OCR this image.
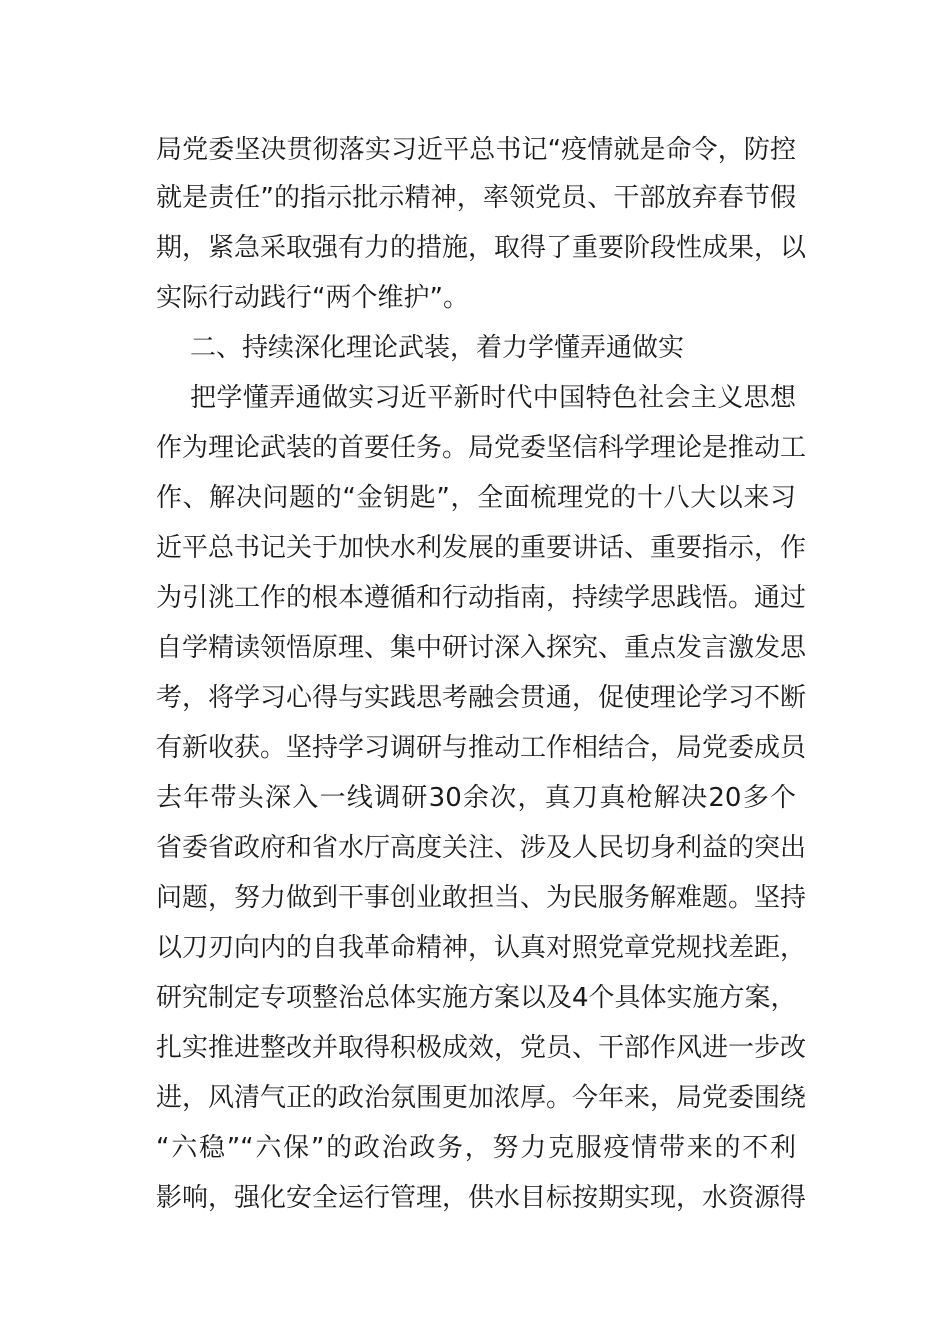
局党委坚决贯彻落实习近平总书记“疫情就是命令，防控
就是责任”的指示批示精神，率领党员、干部放弃春节假
期，紧急采取强有力的措施，取得了重要阶段性成果，以
实际行动践行“两个维护”。
二、持续深化理论武装，着力学懂弄通做实
把学懂弄通做实习近平新时代中国特色社会主义思想
作为理论武装的首要任务。局党委坚信科学理论是推动工
作、解决问题的“金钥匙”，全面梳理党的十八大以来习
近平总书记关于加快水利发展的重要讲话、重要指示，作
为引洮工作的根本遵循和行动指南，持续学思践悟。通过
自学精读领悟原理、集中研讨深入探究、重点发言激发思
考，将学习心得与实践思考融会贯通，促使理论学习不断
有新收获。坚持学习调研与推动工作相结合，局党委成员
去年带头深入一线调研30余次，真刀真枪解决20多个
省委省政府和省水厅高度关注、涉及人民切身利益的突出
问题，努力做到干事创业敢担当、为民服务解难题。坚持
以刀刃向内的自我革命精神，认真对照党章党规找差距，
研究制定专项整治总体实施方案以及4个具体实施方案，
扎实推进整改并取得积极成效，党员、干部作风进一步改
进，风清气正的政治氛围更加浓厚。今年来，局党委围绕
“六稳”“六保”的政治政务，努力克服疫情带来的不利
影响，强化安全运行管理，供水目标按期实现，水资源得
